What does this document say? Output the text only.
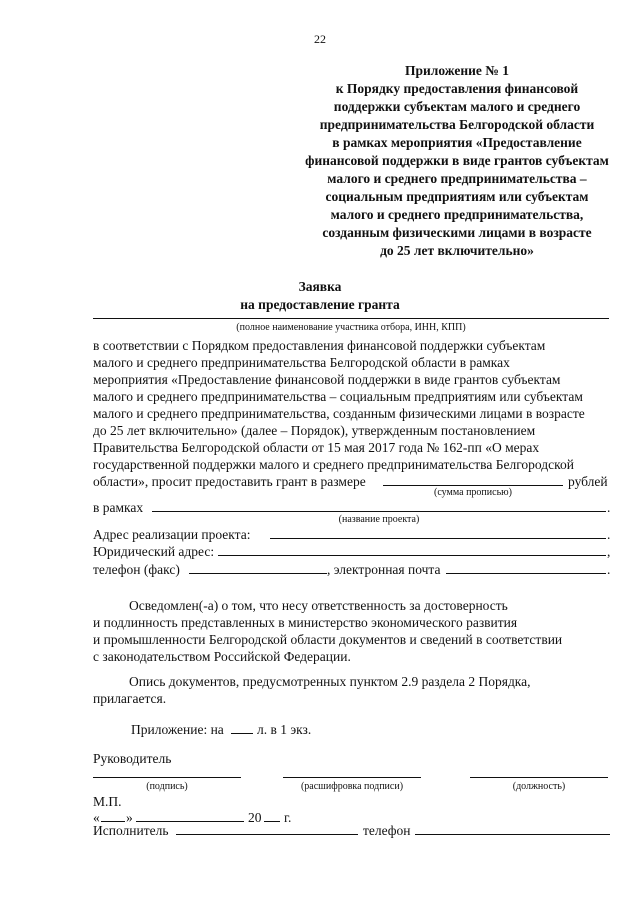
22
Приложение № 1
к Порядку предоставления финансовой
поддержки субъектам малого и среднего
предпринимательства Белгородской области
в рамках мероприятия «Предоставление
финансовой поддержки в виде грантов субъектам
малого и среднего предпринимательства –
социальным предприятиям или субъектам
малого и среднего предпринимательства,
созданным физическими лицами в возрасте
до 25 лет включительно»
Заявка
на предоставление гранта
(полное наименование участника отбора, ИНН, КПП)
в соответствии с Порядком предоставления финансовой поддержки субъектам
малого и среднего предпринимательства Белгородской области в рамках
мероприятия «Предоставление финансовой поддержки в виде грантов субъектам
малого и среднего предпринимательства – социальным предприятиям или субъектам
малого и среднего предпринимательства, созданным физическими лицами в возрасте
до 25 лет включительно» (далее – Порядок), утвержденным постановлением
Правительства Белгородской области от 15 мая 2017 года № 162-пп «О мерах
государственной поддержки малого и среднего предпринимательства Белгородской
области», просит предоставить грант в размере	рублей
(сумма прописью)
в рамках	.
(название проекта)
Адрес реализации проекта:	.
Юридический адрес:	,
телефон (факс)	, электронная почта	.
Осведомлен(-а) о том, что несу ответственность за достоверность
и подлинность представленных в министерство экономического развития
и промышленности Белгородской области документов и сведений в соответствии
с законодательством Российской Федерации.
Опись документов, предусмотренных пунктом 2.9 раздела 2 Порядка,
прилагается.
Приложение: на л. в 1 экз.
Руководитель
(подпись)	(расшифровка подписи)	(должность)
М.П.
« »	20 г.
Исполнитель	телефон
